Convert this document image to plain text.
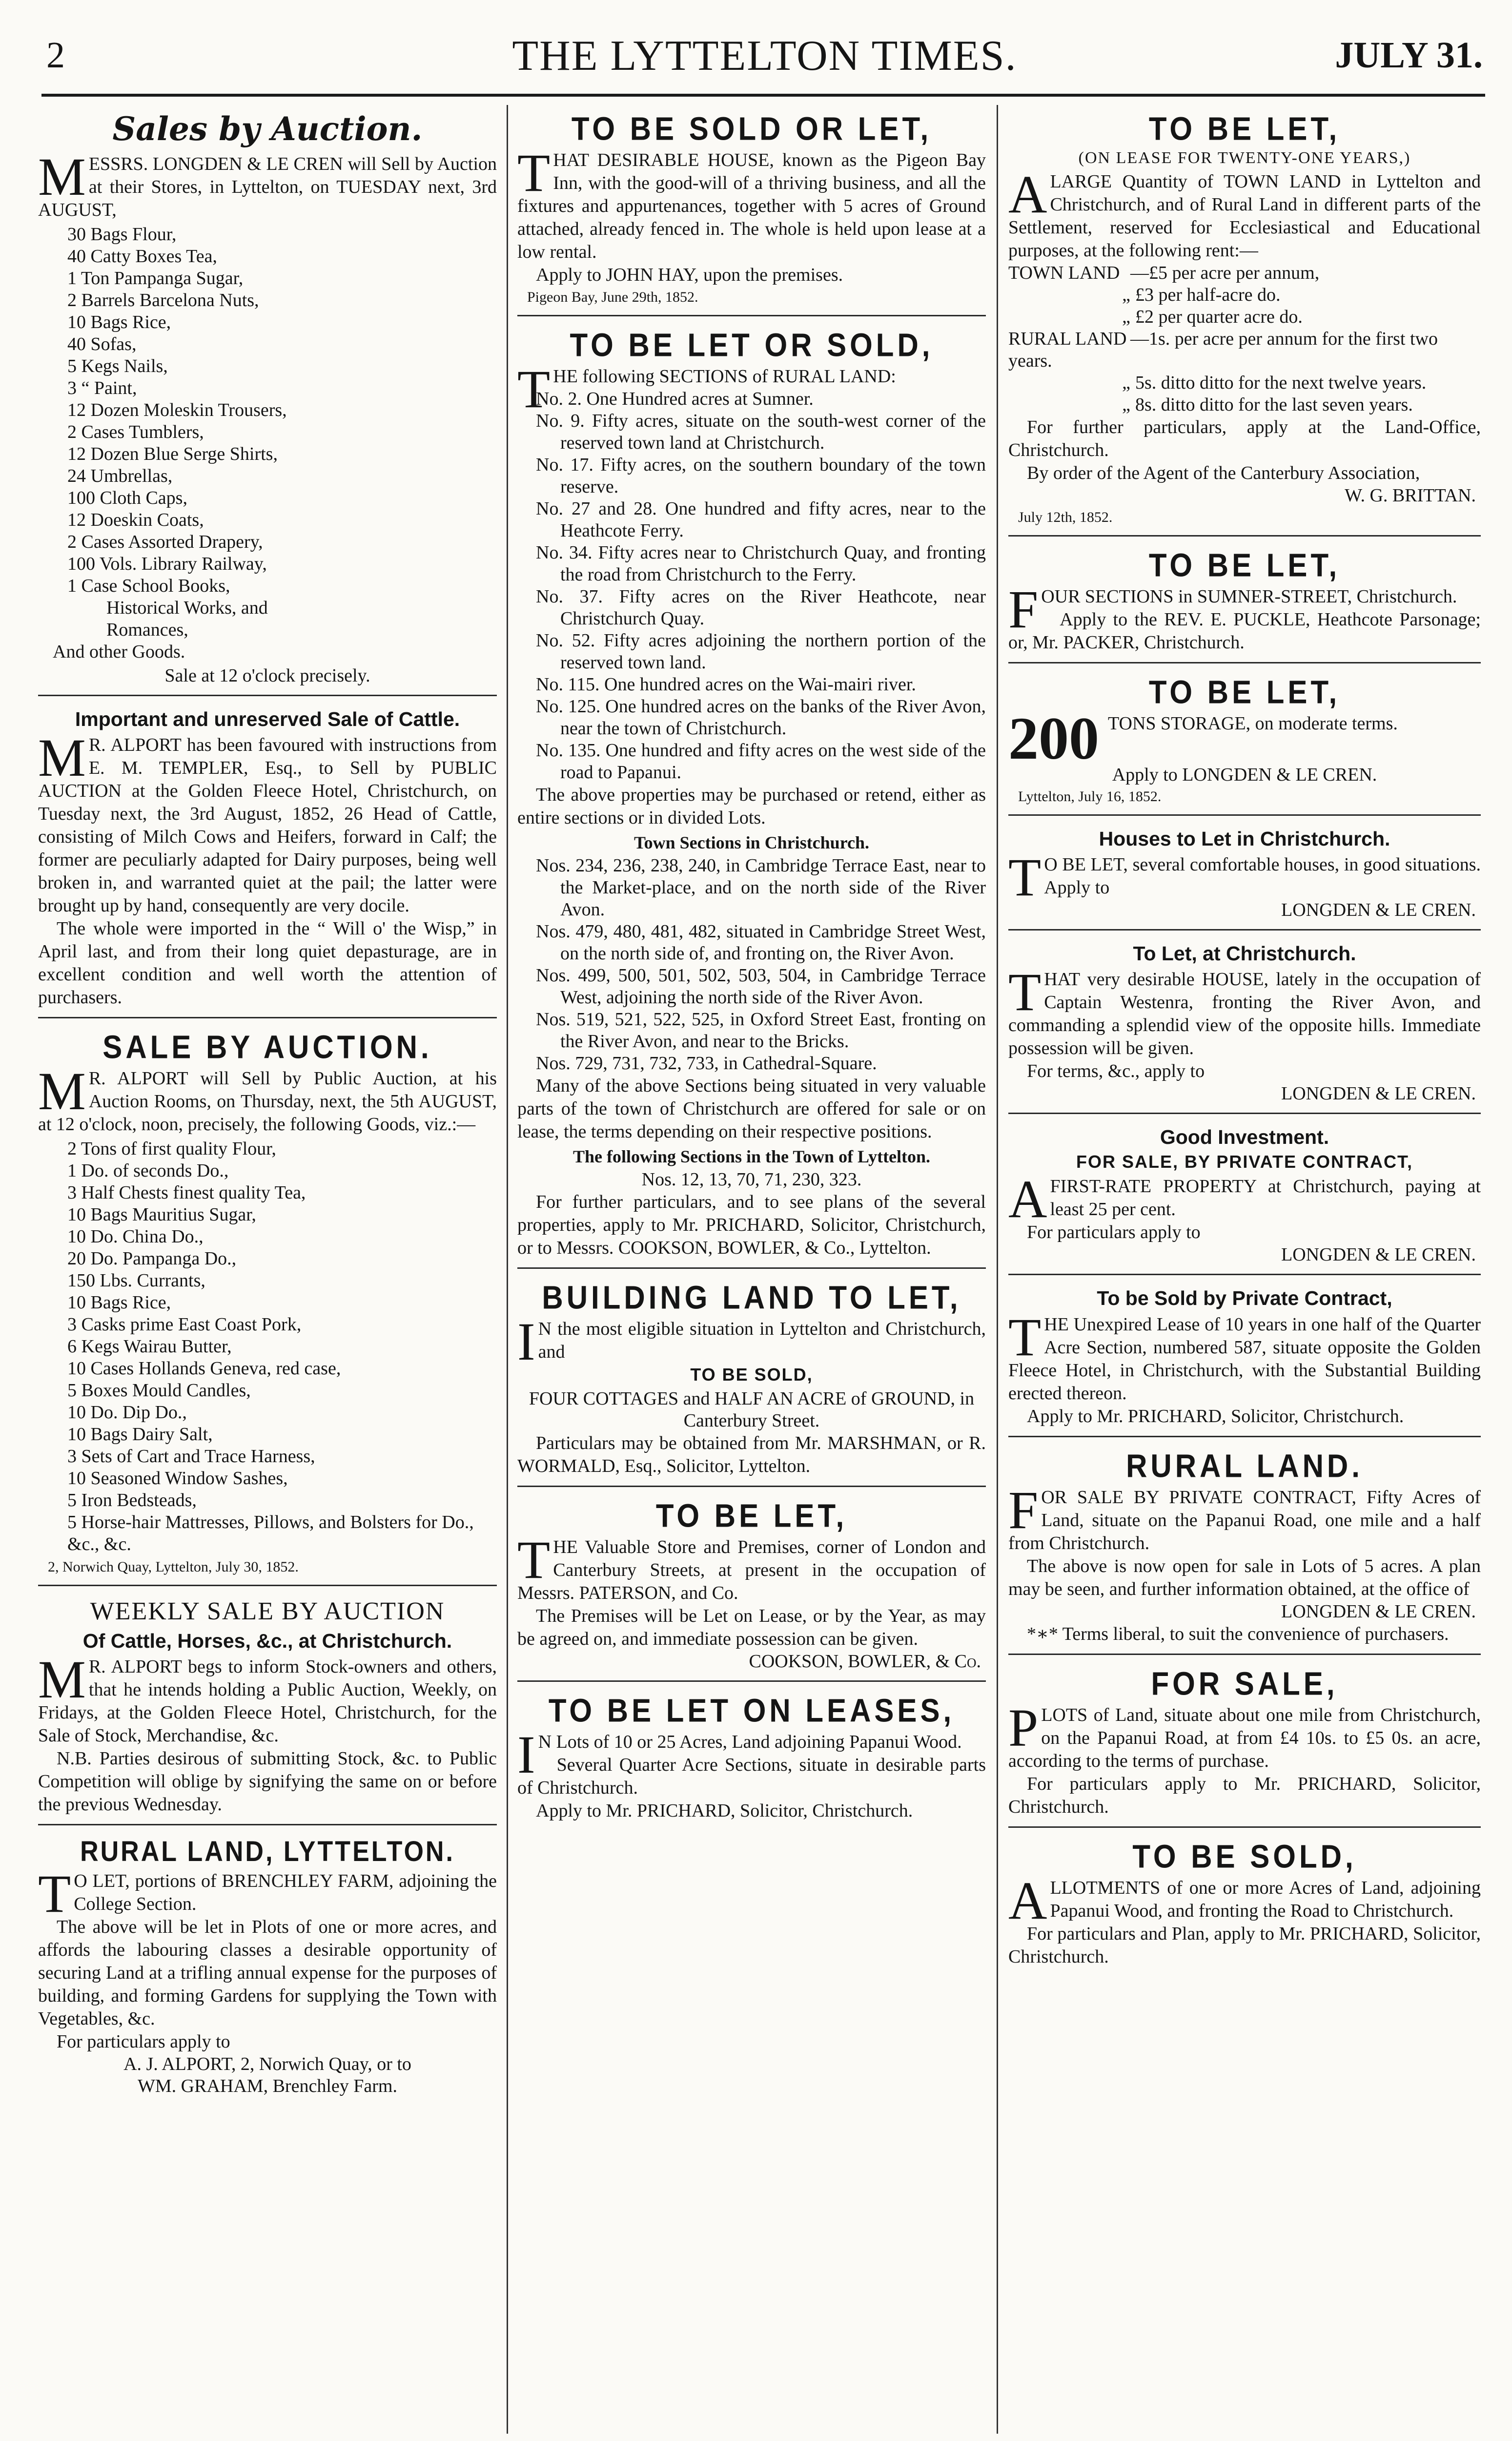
2	THE LYTTELTON TIMES.	JULY 31.
Sales by Auction.

MESSRS. LONGDEN & LE CREN will Sell by Auction at their Stores, in Lyttelton, on TUESDAY next, 3rd AUGUST,

30 Bags Flour,
40 Catty Boxes Tea,
1 Ton Pampanga Sugar,
2 Barrels Barcelona Nuts,
10 Bags Rice,
40 Sofas,
5 Kegs Nails,
3 “ Paint,
12 Dozen Moleskin Trousers,
2 Cases Tumblers,
12 Dozen Blue Serge Shirts,
24 Umbrellas,
100 Cloth Caps,
12 Doeskin Coats,
2 Cases Assorted Drapery,
100 Vols. Library Railway,
1 Case School Books,
Historical Works, and
Romances,
And other Goods.

Sale at 12 o'clock precisely.

Important and unreserved Sale of Cattle.

MR. ALPORT has been favoured with instructions from E. M. TEMPLER, Esq., to Sell by PUBLIC AUCTION at the Golden Fleece Hotel, Christchurch, on Tuesday next, the 3rd August, 1852, 26 Head of Cattle, consisting of Milch Cows and Heifers, forward in Calf; the former are peculiarly adapted for Dairy purposes, being well broken in, and warranted quiet at the pail; the latter were brought up by hand, consequently are very docile.

The whole were imported in the “ Will o' the Wisp,” in April last, and from their long quiet depasturage, are in excellent condition and well worth the attention of purchasers.

SALE BY AUCTION.

MR. ALPORT will Sell by Public Auction, at his Auction Rooms, on Thursday, next, the 5th AUGUST, at 12 o'clock, noon, precisely, the following Goods, viz.:—

2 Tons of first quality Flour,
1 Do. of seconds Do.,
3 Half Chests finest quality Tea,
10 Bags Mauritius Sugar,
10 Do. China Do.,
20 Do. Pampanga Do.,
150 Lbs. Currants,
10 Bags Rice,
3 Casks prime East Coast Pork,
6 Kegs Wairau Butter,
10 Cases Hollands Geneva, red case,
5 Boxes Mould Candles,
10 Do. Dip Do.,
10 Bags Dairy Salt,
3 Sets of Cart and Trace Harness,
10 Seasoned Window Sashes,
5 Iron Bedsteads,
5 Horse-hair Mattresses, Pillows, and Bolsters for Do., &c., &c.

2, Norwich Quay, Lyttelton, July 30, 1852.

WEEKLY SALE BY AUCTION
Of Cattle, Horses, &c., at Christchurch.

MR. ALPORT begs to inform Stock-owners and others, that he intends holding a Public Auction, Weekly, on Fridays, at the Golden Fleece Hotel, Christchurch, for the Sale of Stock, Merchandise, &c.

N.B. Parties desirous of submitting Stock, &c. to Public Competition will oblige by signifying the same on or before the previous Wednesday.

RURAL LAND, LYTTELTON.

TO LET, portions of BRENCHLEY FARM, adjoining the College Section.

The above will be let in Plots of one or more acres, and affords the labouring classes a desirable opportunity of securing Land at a trifling annual expense for the purposes of building, and forming Gardens for supplying the Town with Vegetables, &c.

For particulars apply to

A. J. ALPORT, 2, Norwich Quay, or to

WM. GRAHAM, Brenchley Farm.

TO BE SOLD OR LET,

THAT DESIRABLE HOUSE, known as the Pigeon Bay Inn, with the good-will of a thriving business, and all the fixtures and appurtenances, together with 5 acres of Ground attached, already fenced in. The whole is held upon lease at a low rental.

Apply to JOHN HAY, upon the premises.

Pigeon Bay, June 29th, 1852.

TO BE LET OR SOLD,

THE following SECTIONS of RURAL LAND:

No. 2. One Hundred acres at Sumner.

No. 9. Fifty acres, situate on the south-west corner of the reserved town land at Christchurch.

No. 17. Fifty acres, on the southern boundary of the town reserve.

No. 27 and 28. One hundred and fifty acres, near to the Heathcote Ferry.

No. 34. Fifty acres near to Christchurch Quay, and fronting the road from Christchurch to the Ferry.

No. 37. Fifty acres on the River Heathcote, near Christchurch Quay.

No. 52. Fifty acres adjoining the northern portion of the reserved town land.

No. 115. One hundred acres on the Wai-mairi river.

No. 125. One hundred acres on the banks of the River Avon, near the town of Christchurch.

No. 135. One hundred and fifty acres on the west side of the road to Papanui.

The above properties may be purchased or retend, either as entire sections or in divided Lots.

Town Sections in Christchurch.

Nos. 234, 236, 238, 240, in Cambridge Terrace East, near to the Market-place, and on the north side of the River Avon.

Nos. 479, 480, 481, 482, situated in Cambridge Street West, on the north side of, and fronting on, the River Avon.

Nos. 499, 500, 501, 502, 503, 504, in Cambridge Terrace West, adjoining the north side of the River Avon.

Nos. 519, 521, 522, 525, in Oxford Street East, fronting on the River Avon, and near to the Bricks.

Nos. 729, 731, 732, 733, in Cathedral-Square.

Many of the above Sections being situated in very valuable parts of the town of Christchurch are offered for sale or on lease, the terms depending on their respective positions.

The following Sections in the Town of Lyttelton.

Nos. 12, 13, 70, 71, 230, 323.

For further particulars, and to see plans of the several properties, apply to Mr. PRICHARD, Solicitor, Christchurch, or to Messrs. COOKSON, BOWLER, & Co., Lyttelton.

BUILDING LAND TO LET,

IN the most eligible situation in Lyttelton and Christchurch, and

TO BE SOLD,

FOUR COTTAGES and HALF AN ACRE of GROUND, in Canterbury Street.

Particulars may be obtained from Mr. MARSHMAN, or R. WORMALD, Esq., Solicitor, Lyttelton.

TO BE LET,

THE Valuable Store and Premises, corner of London and Canterbury Streets, at present in the occupation of Messrs. PATERSON, and Co.

The Premises will be Let on Lease, or by the Year, as may be agreed on, and immediate possession can be given.

COOKSON, BOWLER, & Co.

TO BE LET ON LEASES,

IN Lots of 10 or 25 Acres, Land adjoining Papanui Wood.

Several Quarter Acre Sections, situate in desirable parts of Christchurch.

Apply to Mr. PRICHARD, Solicitor, Christchurch.

TO BE LET,
(ON LEASE FOR TWENTY-ONE YEARS,)

ALARGE Quantity of TOWN LAND in Lyttelton and Christchurch, and of Rural Land in different parts of the Settlement, reserved for Ecclesiastical and Educational purposes, at the following rent:—

TOWN LAND —£5 per acre per annum,

„ £3 per half-acre do.

„ £2 per quarter acre do.

RURAL LAND —1s. per acre per annum for the first two years.

„ 5s. ditto ditto for the next twelve years.

„ 8s. ditto ditto for the last seven years.

For further particulars, apply at the Land-Office, Christchurch.

By order of the Agent of the Canterbury Association,

W. G. BRITTAN.

July 12th, 1852.

TO BE LET,

FOUR SECTIONS in SUMNER-STREET, Christchurch.

Apply to the REV. E. PUCKLE, Heathcote Parsonage; or, Mr. PACKER, Christchurch.

TO BE LET,
200 TONS STORAGE, on moderate terms.

Apply to LONGDEN & LE CREN.

Lyttelton, July 16, 1852.

Houses to Let in Christchurch.

TO BE LET, several comfortable houses, in good situations. Apply to

LONGDEN & LE CREN.

To Let, at Christchurch.

THAT very desirable HOUSE, lately in the occupation of Captain Westenra, fronting the River Avon, and commanding a splendid view of the opposite hills. Immediate possession will be given.

For terms, &c., apply to

LONGDEN & LE CREN.

Good Investment.
FOR SALE, BY PRIVATE CONTRACT,

AFIRST-RATE PROPERTY at Christchurch, paying at least 25 per cent.

For particulars apply to

LONGDEN & LE CREN.

To be Sold by Private Contract,

THE Unexpired Lease of 10 years in one half of the Quarter Acre Section, numbered 587, situate opposite the Golden Fleece Hotel, in Christchurch, with the Substantial Building erected thereon.

Apply to Mr. PRICHARD, Solicitor, Christchurch.

RURAL LAND.

FOR SALE BY PRIVATE CONTRACT, Fifty Acres of Land, situate on the Papanui Road, one mile and a half from Christchurch.

The above is now open for sale in Lots of 5 acres. A plan may be seen, and further information obtained, at the office of

LONGDEN & LE CREN.

*∗* Terms liberal, to suit the convenience of purchasers.

FOR SALE,

PLOTS of Land, situate about one mile from Christchurch, on the Papanui Road, at from £4 10s. to £5 0s. an acre, according to the terms of purchase.

For particulars apply to Mr. PRICHARD, Solicitor, Christchurch.

TO BE SOLD,

ALLOTMENTS of one or more Acres of Land, adjoining Papanui Wood, and fronting the Road to Christchurch.

For particulars and Plan, apply to Mr. PRICHARD, Solicitor, Christchurch.
